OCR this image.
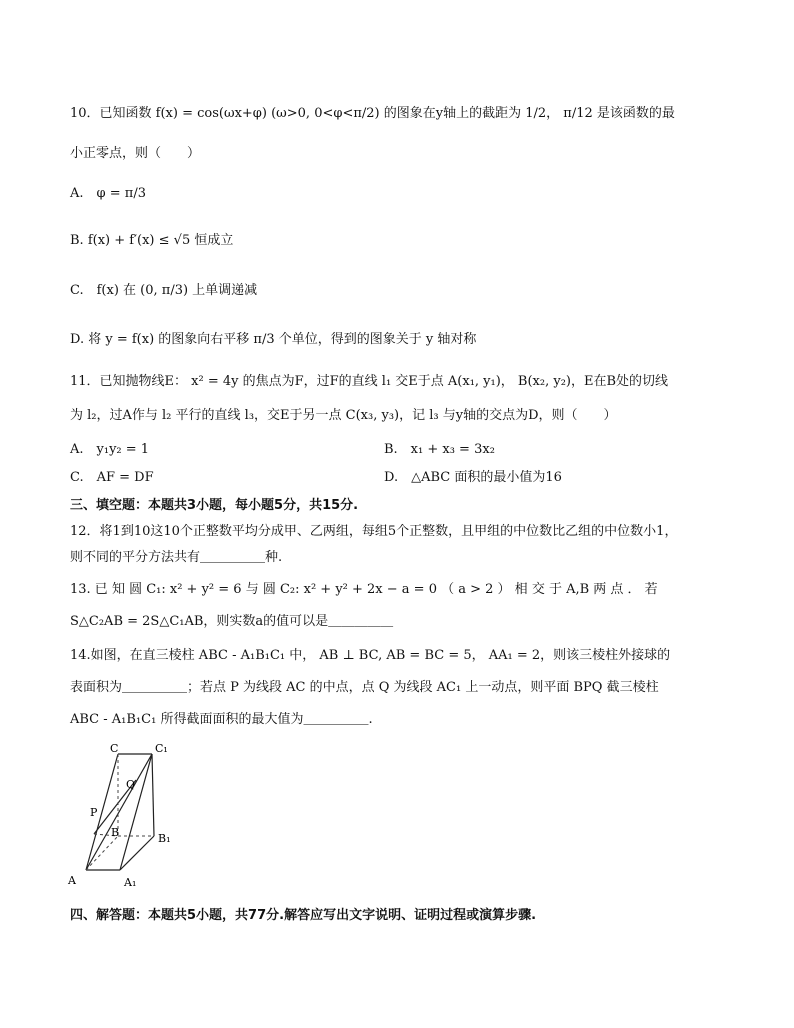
10．已知函数 f(x) = cos(ωx+φ) (ω>0, 0<φ<π/2) 的图象在y轴上的截距为 1/2， π/12 是该函数的最
小正零点，则（　　）
A.　φ = π/3
B. f(x) + f′(x) ≤ √5 恒成立
C.　f(x) 在 (0, π/3) 上单调递减
D. 将 y = f(x) 的图象向右平移 π/3 个单位，得到的图象关于 y 轴对称
11．已知抛物线E： x² = 4y 的焦点为F，过F的直线 l₁ 交E于点 A(x₁, y₁)， B(x₂, y₂)，E在B处的切线
为 l₂，过A作与 l₂ 平行的直线 l₃，交E于另一点 C(x₃, y₃)，记 l₃ 与y轴的交点为D，则（　　）
A.　y₁y₂ = 1	B.　x₁ + x₃ = 3x₂
C.　AF = DF	D.　△ABC 面积的最小值为16
三、填空题：本题共3小题，每小题5分，共15分.
12．将1到10这10个正整数平均分成甲、乙两组，每组5个正整数，且甲组的中位数比乙组的中位数小1，
则不同的平分方法共有＿＿＿＿＿种.
13. 已 知 圆 C₁: x² + y² = 6 与 圆 C₂: x² + y² + 2x − a = 0 （ a > 2 ） 相 交 于 A,B 两 点 ． 若
S△C₂AB = 2S△C₁AB，则实数a的值可以是＿＿＿＿＿
14.如图，在直三棱柱 ABC - A₁B₁C₁ 中， AB ⊥ BC, AB = BC = 5， AA₁ = 2，则该三棱柱外接球的
表面积为＿＿＿＿＿；若点 P 为线段 AC 的中点，点 Q 为线段 AC₁ 上一动点，则平面 BPQ 截三棱柱
ABC - A₁B₁C₁ 所得截面面积的最大值为＿＿＿＿＿.
C	C₁
Q
P
B	B₁
A	A₁
四、解答题：本题共5小题，共77分.解答应写出文字说明、证明过程或演算步骤.
